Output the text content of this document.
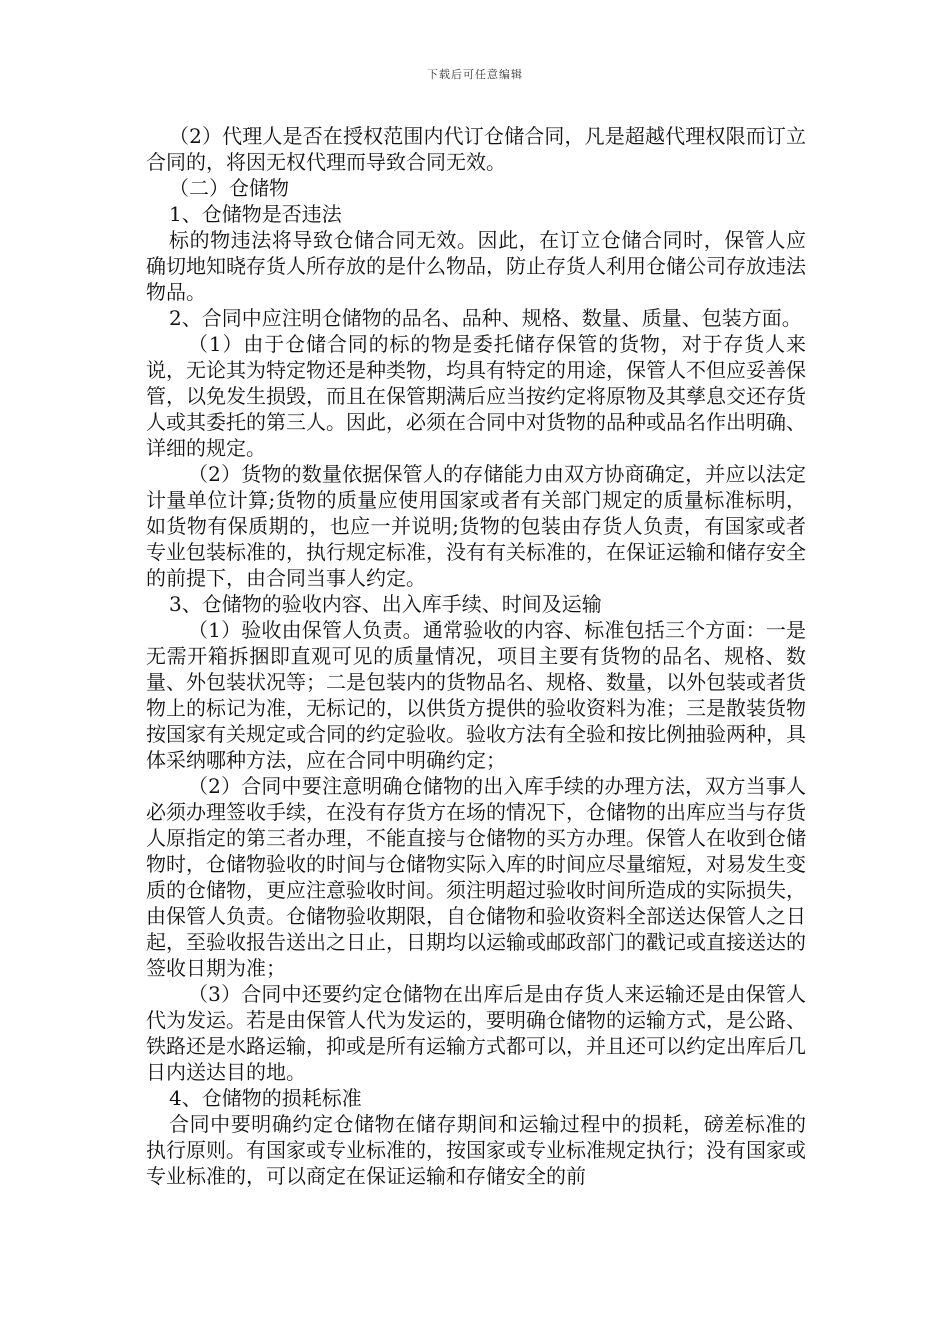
下载后可任意编辑

（2）代理人是否在授权范围内代订仓储合同，凡是超越代理权限而订立合同的，将因无权代理而导致合同无效。

（二）仓储物

1、仓储物是否违法

标的物违法将导致仓储合同无效。因此，在订立仓储合同时，保管人应确切地知晓存货人所存放的是什么物品，防止存货人利用仓储公司存放违法物品。

2、合同中应注明仓储物的品名、品种、规格、数量、质量、包装方面。

（1）由于仓储合同的标的物是委托储存保管的货物，对于存货人来说，无论其为特定物还是种类物，均具有特定的用途，保管人不但应妥善保管，以免发生损毁，而且在保管期满后应当按约定将原物及其孳息交还存货人或其委托的第三人。因此，必须在合同中对货物的品种或品名作出明确、详细的规定。

（2）货物的数量依据保管人的存储能力由双方协商确定，并应以法定计量单位计算;货物的质量应使用国家或者有关部门规定的质量标准标明，如货物有保质期的，也应一并说明;货物的包装由存货人负责，有国家或者专业包装标准的，执行规定标准，没有有关标准的，在保证运输和储存安全的前提下，由合同当事人约定。

3、仓储物的验收内容、出入库手续、时间及运输

（1）验收由保管人负责。通常验收的内容、标准包括三个方面：一是无需开箱拆捆即直观可见的质量情况，项目主要有货物的品名、规格、数量、外包装状况等；二是包装内的货物品名、规格、数量，以外包装或者货物上的标记为准，无标记的，以供货方提供的验收资料为准；三是散装货物按国家有关规定或合同的约定验收。验收方法有全验和按比例抽验两种，具体采纳哪种方法，应在合同中明确约定；

（2）合同中要注意明确仓储物的出入库手续的办理方法，双方当事人必须办理签收手续，在没有存货方在场的情况下，仓储物的出库应当与存货人原指定的第三者办理，不能直接与仓储物的买方办理。保管人在收到仓储物时，仓储物验收的时间与仓储物实际入库的时间应尽量缩短，对易发生变质的仓储物，更应注意验收时间。须注明超过验收时间所造成的实际损失，由保管人负责。仓储物验收期限，自仓储物和验收资料全部送达保管人之日起，至验收报告送出之日止，日期均以运输或邮政部门的戳记或直接送达的签收日期为准；

（3）合同中还要约定仓储物在出库后是由存货人来运输还是由保管人代为发运。若是由保管人代为发运的，要明确仓储物的运输方式，是公路、铁路还是水路运输，抑或是所有运输方式都可以，并且还可以约定出库后几日内送达目的地。

4、仓储物的损耗标准

合同中要明确约定仓储物在储存期间和运输过程中的损耗，磅差标准的执行原则。有国家或专业标准的，按国家或专业标准规定执行；没有国家或专业标准的，可以商定在保证运输和存储安全的前
